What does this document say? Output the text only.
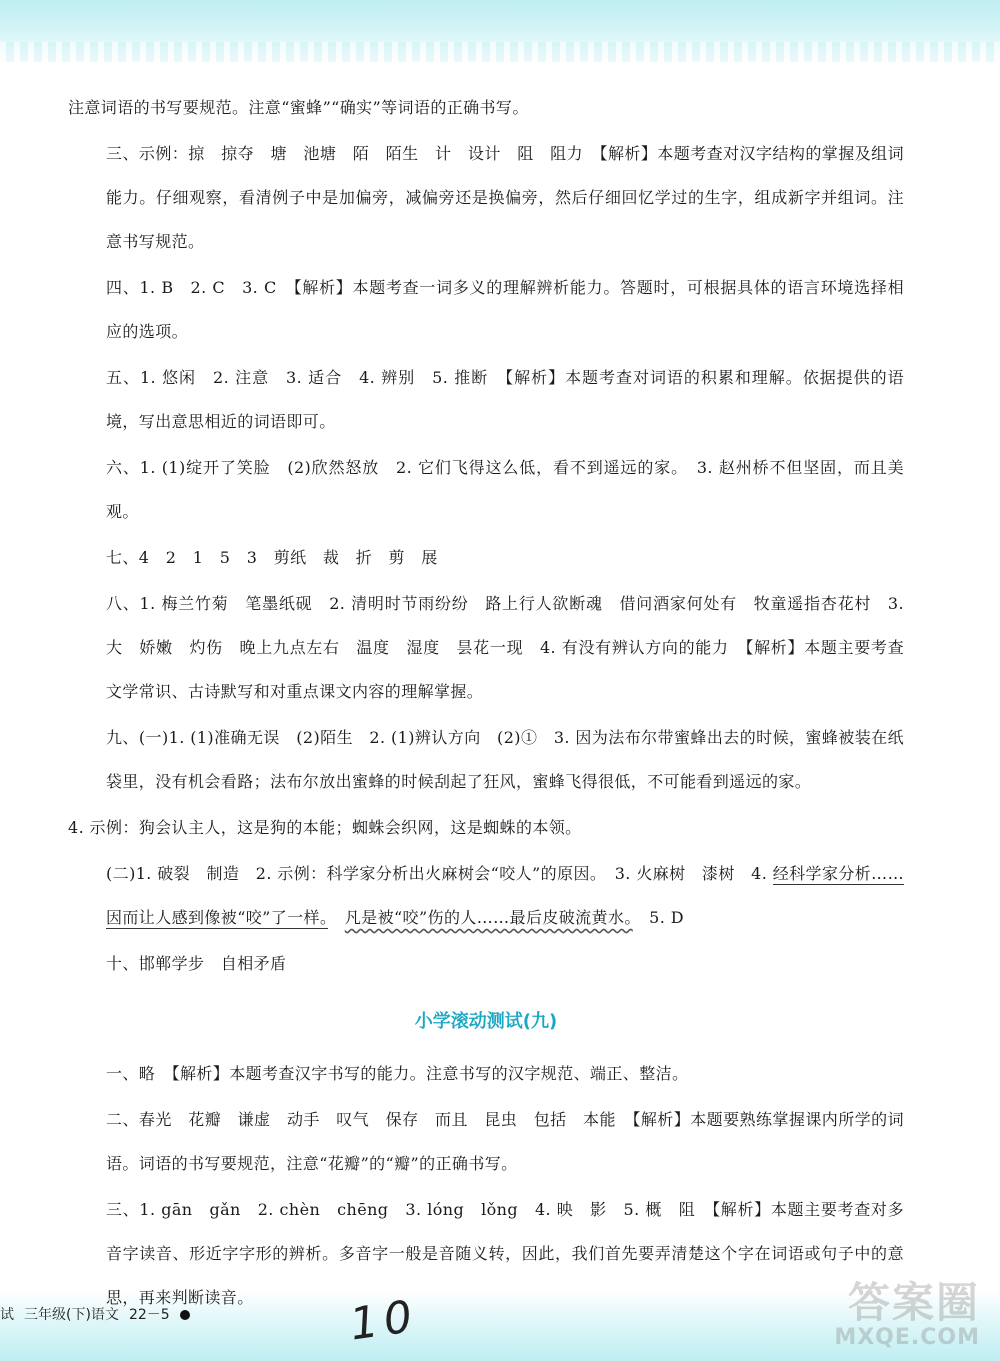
注意词语的书写要规范。注意“蜜蜂”“确实”等词语的正确书写。

三、示例：掠　掠夺　塘　池塘　陌　陌生　计　设计　阻　阻力　【解析】本题考查对汉字结构的掌握及组词能力。仔细观察，看清例子中是加偏旁，减偏旁还是换偏旁，然后仔细回忆学过的生字，组成新字并组词。注意书写规范。

四、1. B　2. C　3. C　【解析】本题考查一词多义的理解辨析能力。答题时，可根据具体的语言环境选择相应的选项。

五、1. 悠闲　2. 注意　3. 适合　4. 辨别　5. 推断　【解析】本题考查对词语的积累和理解。依据提供的语境，写出意思相近的词语即可。

六、1. (1)绽开了笑脸　(2)欣然怒放　2. 它们飞得这么低，看不到遥远的家。　3. 赵州桥不但坚固，而且美观。

七、4　2　1　5　3　剪纸　裁　折　剪　展

八、1. 梅兰竹菊　笔墨纸砚　2. 清明时节雨纷纷　路上行人欲断魂　借问酒家何处有　牧童遥指杏花村　3. 大　娇嫩　灼伤　晚上九点左右　温度　湿度　昙花一现　4. 有没有辨认方向的能力　【解析】本题主要考查文学常识、古诗默写和对重点课文内容的理解掌握。

九、(一)1. (1)准确无误　(2)陌生　2. (1)辨认方向　(2)①　3. 因为法布尔带蜜蜂出去的时候，蜜蜂被装在纸袋里，没有机会看路；法布尔放出蜜蜂的时候刮起了狂风，蜜蜂飞得很低，不可能看到遥远的家。

4. 示例：狗会认主人，这是狗的本能；蜘蛛会织网，这是蜘蛛的本领。

(二)1. 破裂　制造　2. 示例：科学家分析出火麻树会“咬人”的原因。　3. 火麻树　漆树　4. 经科学家分析……因而让人感到像被“咬”了一样。　 凡是被“咬”伤的人……最后皮破流黄水。　5. D

十、邯郸学步　自相矛盾

小学滚动测试(九)

一、略　【解析】本题考查汉字书写的能力。注意书写的汉字规范、端正、整洁。

二、春光　花瓣　谦虚　动手　叹气　保存　而且　昆虫　包括　本能　【解析】本题要熟练掌握课内所学的词语。词语的书写要规范，注意“花瓣”的“瓣”的正确书写。

三、1. gān　gǎn　2. chèn　chēng　3. lóng　lǒng　4. 映　影　5. 概　阻　【解析】本题主要考查对多音字读音、形近字字形的辨析。多音字一般是音随义转，因此，我们首先要弄清楚这个字在词语或句子中的意思，再来判断读音。

试 三年级(下)语文 22－5	10	答案圈
MXQE.COM
